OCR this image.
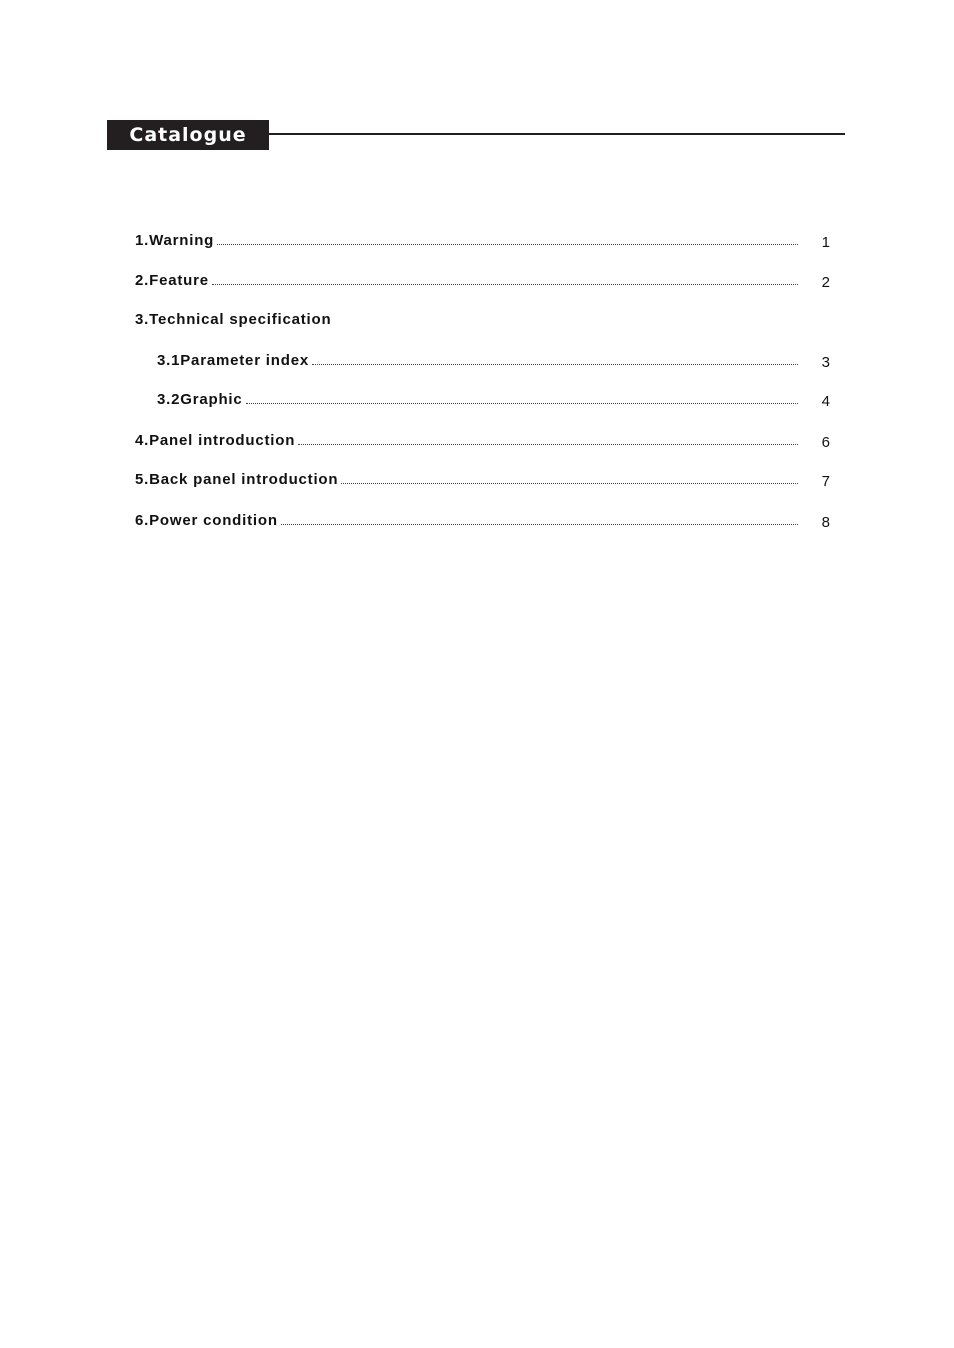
Catalogue
1.Warning	1
2.Feature	2
3.Technical specification
3.1Parameter index	3
3.2Graphic	4
4.Panel introduction	6
5.Back panel introduction	7
6.Power condition	8
